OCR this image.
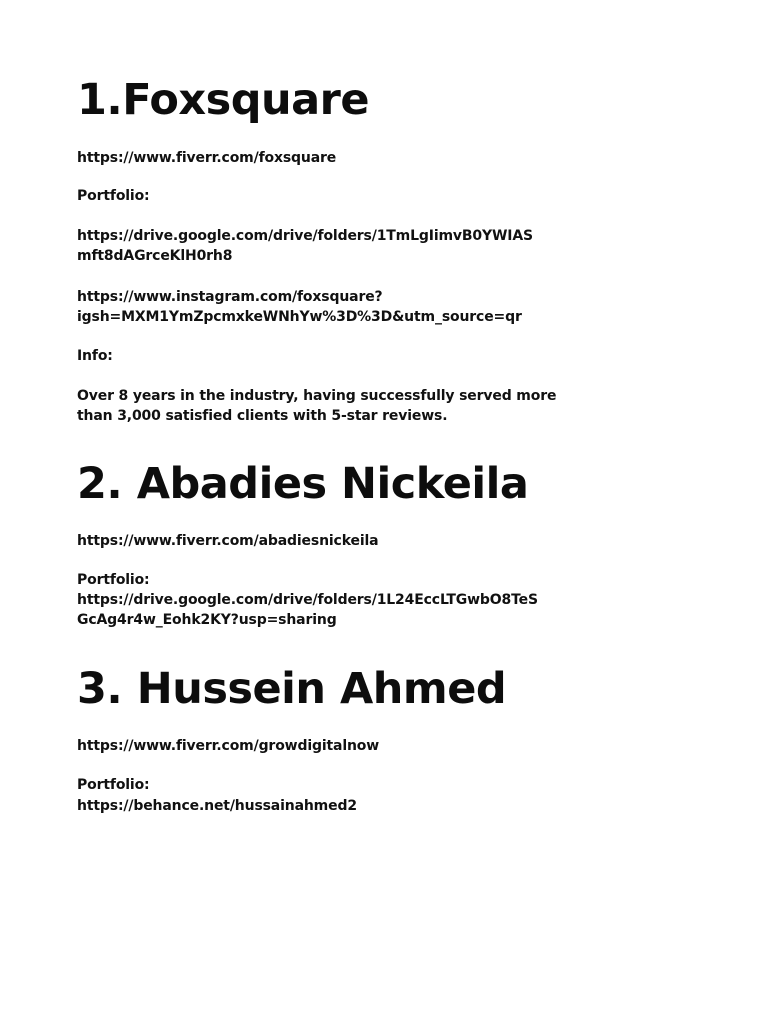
1.Foxsquare
https://www.fiverr.com/foxsquare

Portfolio:

https://drive.google.com/drive/folders/1TmLgIimvB0YWIAS
mft8dAGrceKlH0rh8
https://www.instagram.com/foxsquare?
igsh=MXM1YmZpcmxkeWNhYw%3D%3D&utm_source=qr

Info:

Over 8 years in the industry, having successfully served more
than 3,000 satisfied clients with 5-star reviews.
2. Abadies Nickeila
https://www.fiverr.com/abadiesnickeila

Portfolio:

https://drive.google.com/drive/folders/1L24EccLTGwbO8TeS
GcAg4r4w_Eohk2KY?usp=sharing
3. Hussein Ahmed
https://www.fiverr.com/growdigitalnow

Portfolio:

https://behance.net/hussainahmed2
